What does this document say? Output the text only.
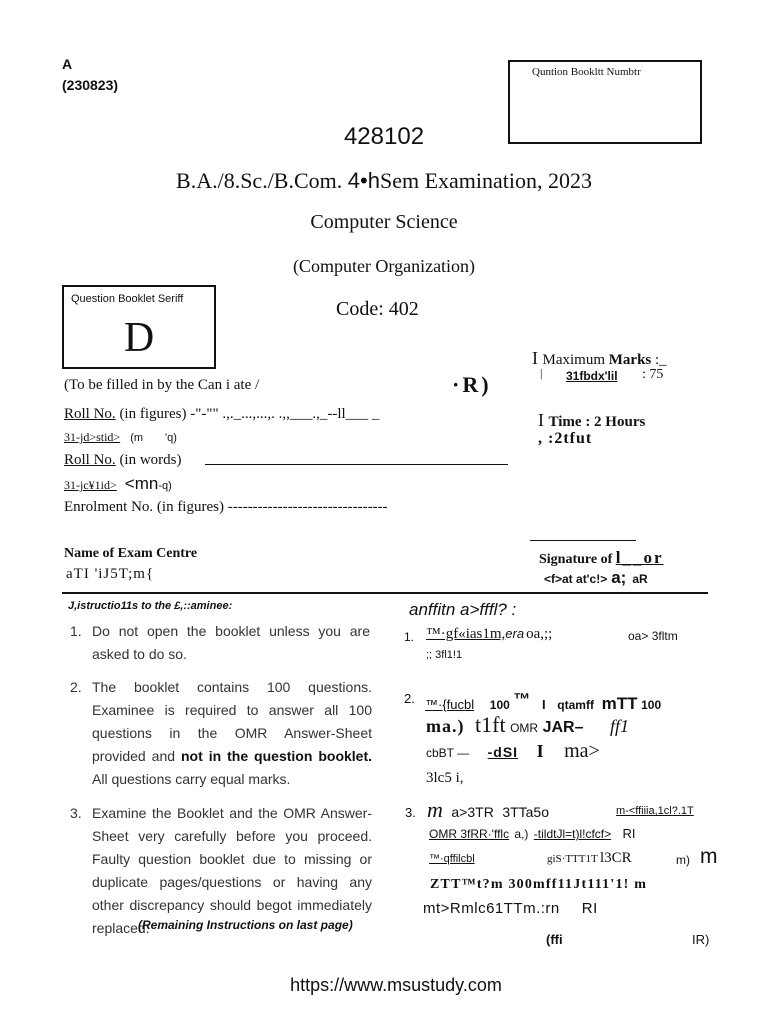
A
(230823)
Quntion Bookltt Numbtr
428102
B.A./8.Sc./B.Com. 4•hSem Examination, 2023
Computer Science
(Computer Organization)
Code: 402
Question Booklet Seriff
D	I Maximum Marks :_
| 31fbdx'lil : 75
I Time : 2 Hours
, :2tfut
(To be filled in by the Can i ate /	·R)
Roll No. (in figures) -"-"" .,._...,...,. .,,___.,_--ll___ _
31-jd>stid> (m 'q)
Roll No. (in words)
31-jc¥1id> <mn-q)
Enrolment No. (in figures) --------------------------------
Name of Exam Centre
aTI 'iJ5T;m{
Signature of l__or
<f>at at'c!> a; aR
J,istructio11s to the £,::aminee:
1. Do not open the booklet unless you are asked to do so.
2. The booklet contains 100 questions. Examinee is required to answer all 100 questions in the OMR Answer-Sheet provided and not in the question booklet. All questions carry equal marks.
3. Examine the Booklet and the OMR Answer-Sheet very carefully before you proceed. Faulty question booklet due to missing or duplicate pages/questions or having any other discrepancy should begot immediately replaced.
(Remaining Instructions on last page)
anffitn a>fffl? :
1. ™·gf«ias1m,era oa,;;	oa> 3fltm
;; 3fl1!1
2. ™·{fucbl 100 ™ I qtamff mTT 100
ma.) t1ft OMR JAR– ff1
cbBT — -dSI I ma>
3lc5 i,
3. m a>3TR 3TTa5o	m-<ffiiia,1cl?.1T
OMR 3fRR·'fflc a,) -tildtJl=t)l!cfcf> RI
™·qffilcbl	giS·TTT1T l3CR	m) m
ZTT™t?m 300mff11Jt111'1! m
mt>Rmlc61TTm.:rn RI
(ffi	IR)
https://www.msustudy.com
